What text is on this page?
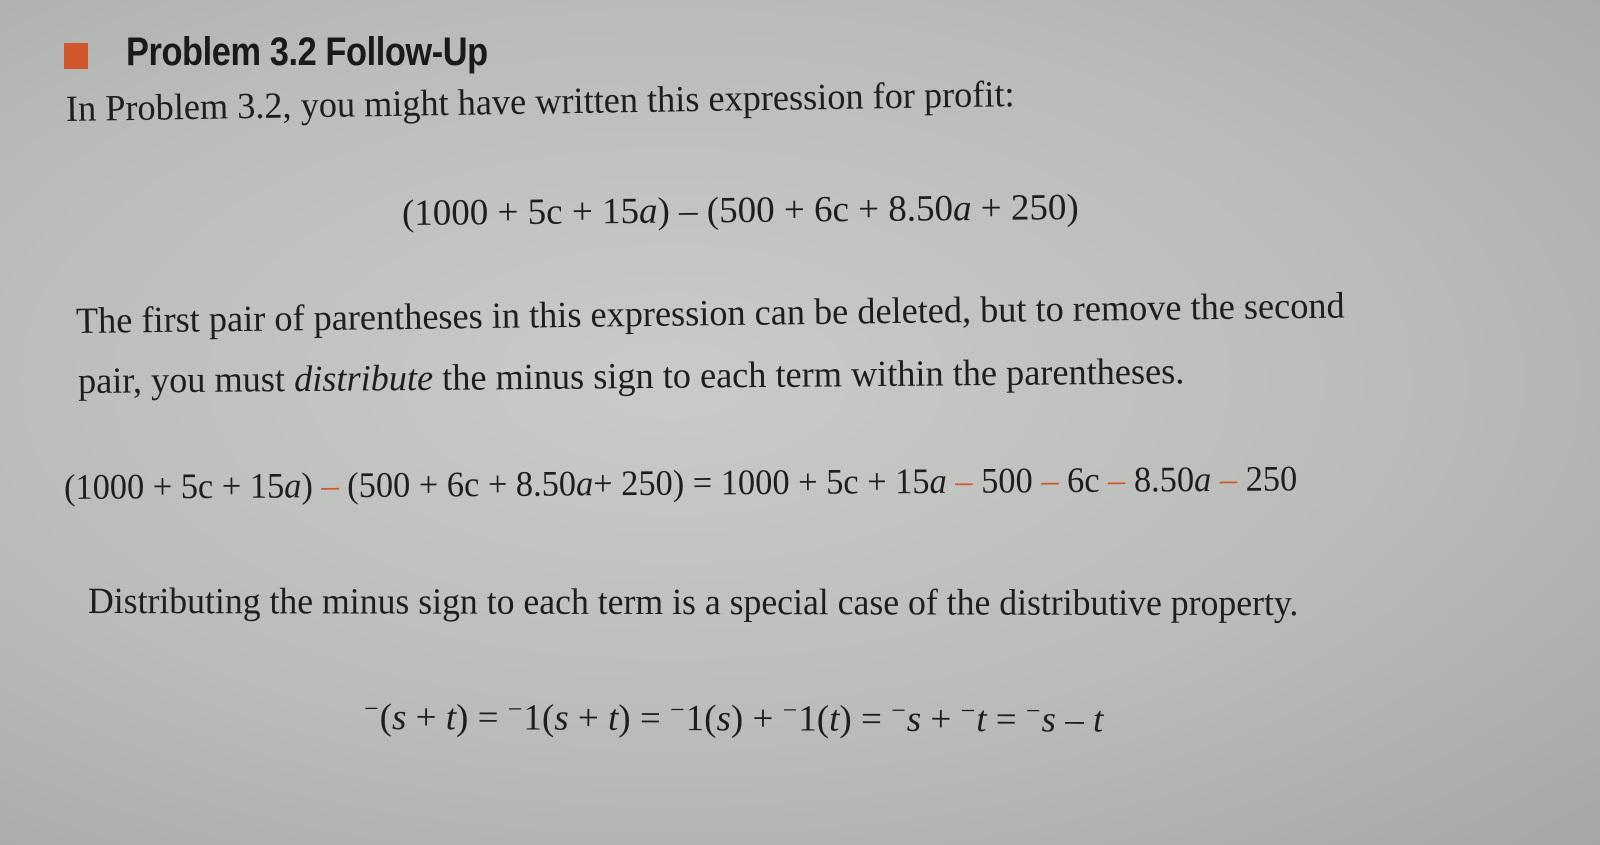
Problem 3.2 Follow-Up
In Problem 3.2, you might have written this expression for profit:
(1000 + 5c + 15a) – (500 + 6c + 8.50a + 250)
The first pair of parentheses in this expression can be deleted, but to remove the second
pair, you must distribute the minus sign to each term within the parentheses.
(1000 + 5c + 15a) – (500 + 6c + 8.50a+ 250) = 1000 + 5c + 15a – 500 – 6c – 8.50a – 250
Distributing the minus sign to each term is a special case of the distributive property.
−(s + t) = −1(s + t) = −1(s) + −1(t) = −s + −t = −s – t
